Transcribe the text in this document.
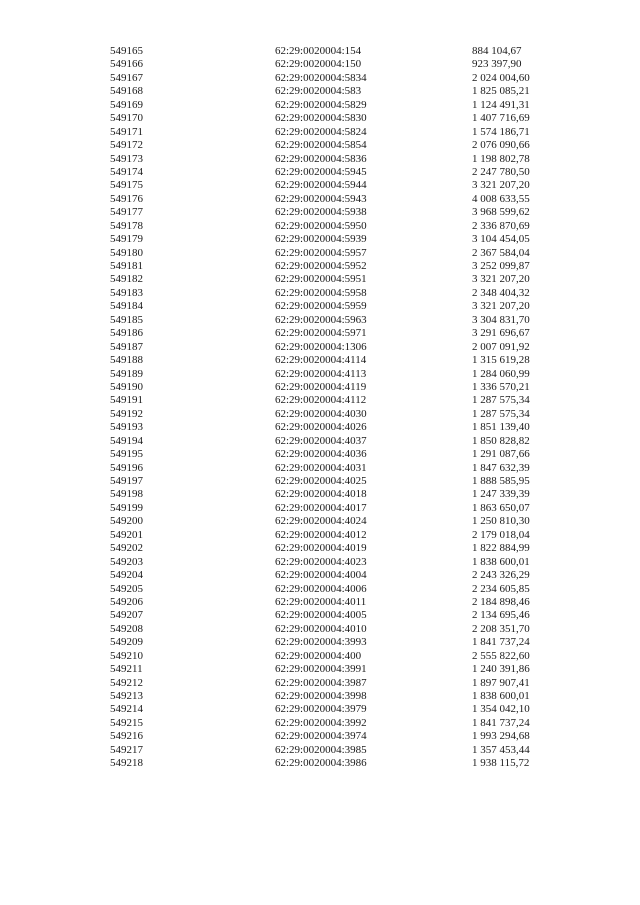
549165	62:29:0020004:154	884 104,67
549166	62:29:0020004:150	923 397,90
549167	62:29:0020004:5834	2 024 004,60
549168	62:29:0020004:583	1 825 085,21
549169	62:29:0020004:5829	1 124 491,31
549170	62:29:0020004:5830	1 407 716,69
549171	62:29:0020004:5824	1 574 186,71
549172	62:29:0020004:5854	2 076 090,66
549173	62:29:0020004:5836	1 198 802,78
549174	62:29:0020004:5945	2 247 780,50
549175	62:29:0020004:5944	3 321 207,20
549176	62:29:0020004:5943	4 008 633,55
549177	62:29:0020004:5938	3 968 599,62
549178	62:29:0020004:5950	2 336 870,69
549179	62:29:0020004:5939	3 104 454,05
549180	62:29:0020004:5957	2 367 584,04
549181	62:29:0020004:5952	3 252 099,87
549182	62:29:0020004:5951	3 321 207,20
549183	62:29:0020004:5958	2 348 404,32
549184	62:29:0020004:5959	3 321 207,20
549185	62:29:0020004:5963	3 304 831,70
549186	62:29:0020004:5971	3 291 696,67
549187	62:29:0020004:1306	2 007 091,92
549188	62:29:0020004:4114	1 315 619,28
549189	62:29:0020004:4113	1 284 060,99
549190	62:29:0020004:4119	1 336 570,21
549191	62:29:0020004:4112	1 287 575,34
549192	62:29:0020004:4030	1 287 575,34
549193	62:29:0020004:4026	1 851 139,40
549194	62:29:0020004:4037	1 850 828,82
549195	62:29:0020004:4036	1 291 087,66
549196	62:29:0020004:4031	1 847 632,39
549197	62:29:0020004:4025	1 888 585,95
549198	62:29:0020004:4018	1 247 339,39
549199	62:29:0020004:4017	1 863 650,07
549200	62:29:0020004:4024	1 250 810,30
549201	62:29:0020004:4012	2 179 018,04
549202	62:29:0020004:4019	1 822 884,99
549203	62:29:0020004:4023	1 838 600,01
549204	62:29:0020004:4004	2 243 326,29
549205	62:29:0020004:4006	2 234 605,85
549206	62:29:0020004:4011	2 184 898,46
549207	62:29:0020004:4005	2 134 695,46
549208	62:29:0020004:4010	2 208 351,70
549209	62:29:0020004:3993	1 841 737,24
549210	62:29:0020004:400	2 555 822,60
549211	62:29:0020004:3991	1 240 391,86
549212	62:29:0020004:3987	1 897 907,41
549213	62:29:0020004:3998	1 838 600,01
549214	62:29:0020004:3979	1 354 042,10
549215	62:29:0020004:3992	1 841 737,24
549216	62:29:0020004:3974	1 993 294,68
549217	62:29:0020004:3985	1 357 453,44
549218	62:29:0020004:3986	1 938 115,72
